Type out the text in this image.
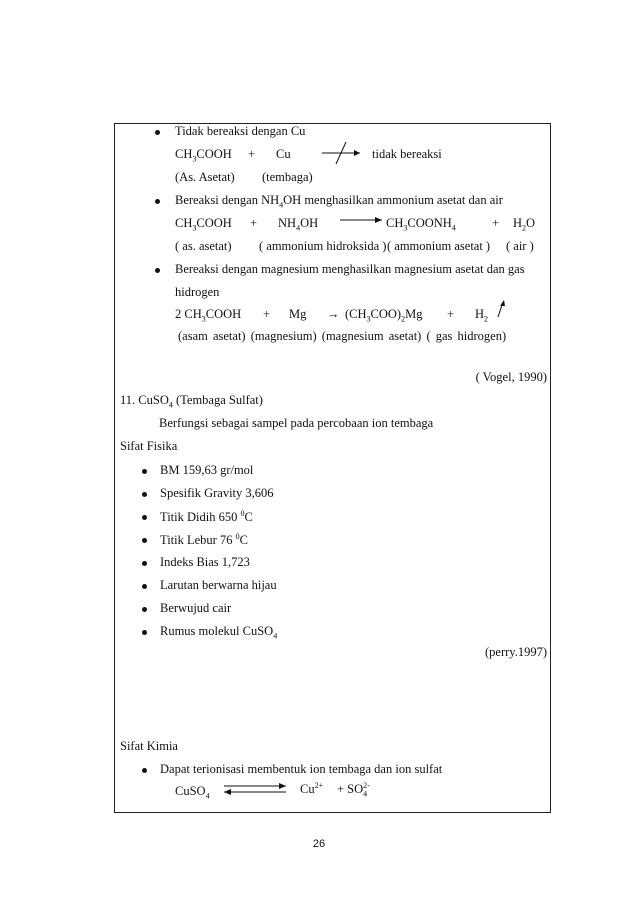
Tidak bereaksi dengan Cu
$CH_3COOH + Cu$	tidak bereaksi
(As. Asetat) (tembaga)
Bereaksi dengan $NH_4OH$ menghasilkan ammonium asetat dan air
$CH_3COOH + NH_4OH$ → $CH_3COONH_4$	+ $H_2O$
( as. asetat) ( ammonium hidroksida ) ( ammonium asetat ) ( air )
Bereaksi dengan magnesium menghasilkan magnesium asetat dan gas
hidrogen
2 $CH_3COOH + Mg \to (CH_3COO)_2Mg + H_2$
(asam asetat) (magnesium) (magnesium asetat) ( gas hidrogen)
( Vogel, 1990)
11. CuSO$_4$ (Tembaga Sulfat)
Berfungsi sebagai sampel pada percobaan ion tembaga
Sifat Fisika
BM 159,63 gr/mol
Spesifik Gravity 3,606
Titik Didih 650 $^0$C
Titik Lebur 76 $^0$C
Indeks Bias 1,723
Larutan berwarna hijau
Berwujud cair
Rumus molekul CuSO$_4$
(perry.1997)
Sifat Kimia
Dapat terionisasi membentuk ion tembaga dan ion sulfat
CuSO$_4$	$Cu^{2+} + SO_4^{2-}$
26
